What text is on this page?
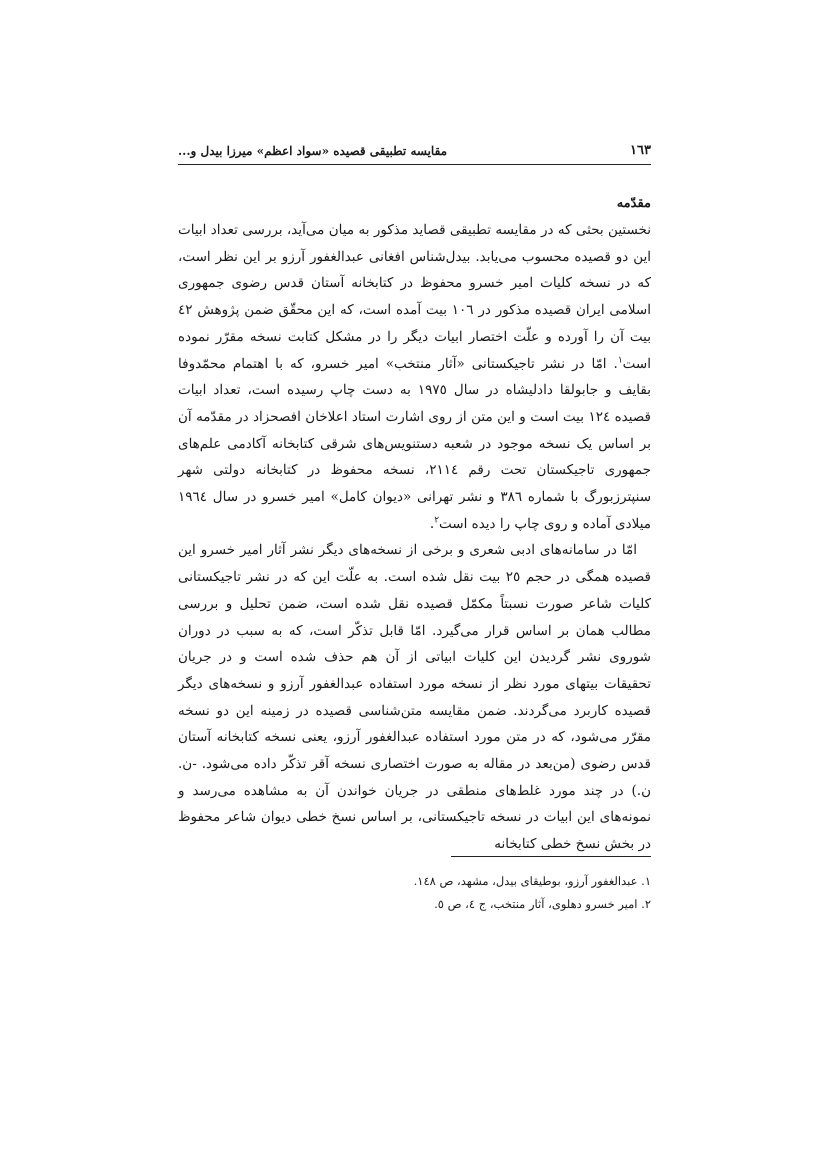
١٦٣
مقایسه تطبیقی قصیده «سواد اعظم» میرزا بیدل و...
مقدّمه

نخستین بحثی که در مقایسه تطبیقی قصاید مذکور به میان می‌آید، بررسی تعداد ابیات این دو قصیده محسوب می‌یابد. بیدل‌شناس افغانی عبدالغفور آرزو بر این نظر است، که در نسخه کلیات امیر خسرو محفوظ در کتابخانه آستان قدس رضوی جمهوری اسلامی ایران قصیده مذکور در ١٠٦ بیت آمده است، که این محقّق ضمن پژوهش ٤٢ بیت آن را آورده و علّت اختصار ابیات دیگر را در مشکل کتابت نسخه مقرّر نموده است$^١$. امّا در نشر تاجیکستانی «آثار منتخب» امیر خسرو، که با اهتمام محمّدوفا بقایف و جابولقا دادلیشاه در سال ١٩٧٥ به دست چاپ رسیده است، تعداد ابیات قصیده ١٢٤ بیت است و این متن از روی اشارت استاد اعلاخان افصحزاد در مقدّمه آن بر اساس یک نسخه موجود در شعبه دستنویس‌های شرقی کتابخانه آکادمی علم‌های جمهوری تاجیکستان تحت رقم ٢١١٤، نسخه محفوظ در کتابخانه دولتی شهر سنپترزبورگ با شماره ٣٨٦ و نشر تهرانی «دیوان کامل» امیر خسرو در سال ١٩٦٤ میلادی آماده و روی چاپ را دیده است$^٢$.

امّا در سامانه‌های ادبی شعری و برخی از نسخه‌های دیگر نشر آثار امیر خسرو این قصیده همگی در حجم ٢٥ بیت نقل شده است. به علّت این که در نشر تاجیکستانی کلیات شاعر صورت نسبتاً مکمّل قصیده نقل شده است، ضمن تحلیل و بررسی مطالب همان بر اساس قرار می‌گیرد. امّا قابل تذکّر است، که به سبب در دوران شوروی نشر گردیدن این کلیات ابیاتی از آن هم حذف شده است و در جریان تحقیقات بیتهای مورد نظر از نسخه مورد استفاده عبدالغفور آرزو و نسخه‌های دیگر قصیده کاربرد می‌گردند. ضمن مقایسه متن‌شناسی قصیده در زمینه این دو نسخه مقرّر می‌شود، که در متن مورد استفاده عبدالغفور آرزو، یعنی نسخه کتابخانه آستان قدس رضوی (من‌بعد در مقاله به صورت اختصاری نسخه آقر تذکّر داده می‌شود. -ن. ن.) در چند مورد غلط‌های منطقی در جریان خواندن آن به مشاهده می‌رسد و نمونه‌های این ابیات در نسخه تاجیکستانی، بر اساس نسخ خطی دیوان شاعر محفوظ در بخش نسخ خطی کتابخانه

١. عبدالغفور آرزو، بوطیقای بیدل، مشهد، ص ١٤٨.

٢. امیر خسرو دهلوی، آثار منتخب، ج ٤، ص ٥.
